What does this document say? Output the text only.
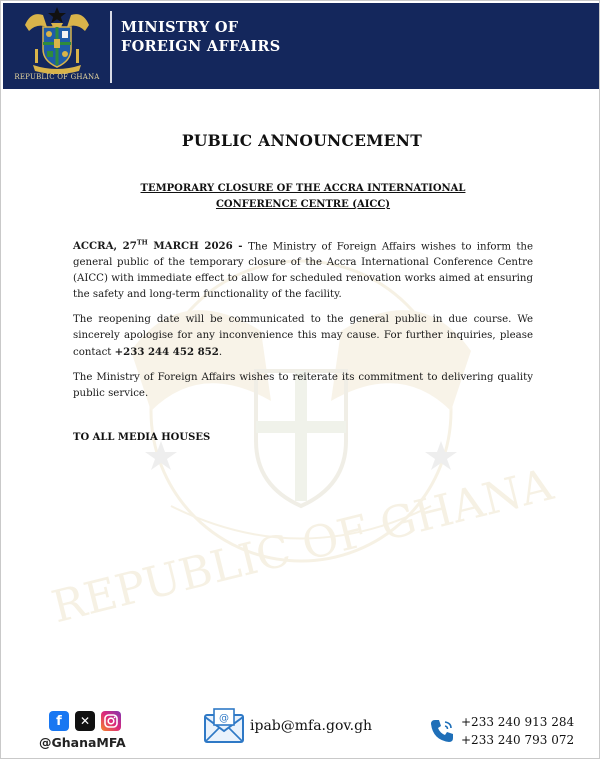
REPUBLIC OF GHANA
MINISTRY OF
FOREIGN AFFAIRS
REPUBLIC OF GHANA
PUBLIC ANNOUNCEMENT
TEMPORARY CLOSURE OF THE ACCRA INTERNATIONAL
CONFERENCE CENTRE (AICC)

ACCRA, 27TH MARCH 2026 - The Ministry of Foreign Affairs wishes to inform the general public of the temporary closure of the Accra International Conference Centre (AICC) with immediate effect to allow for scheduled renovation works aimed at ensuring the safety and long-term functionality of the facility.

The reopening date will be communicated to the general public in due course. We sincerely apologise for any inconvenience this may cause. For further inquiries, please contact +233 244 452 852.

The Ministry of Foreign Affairs wishes to reiterate its commitment to delivering quality public service.

TO ALL MEDIA HOUSES
f	✕
@GhanaMFA
@ ipab@mfa.gov.gh	+233 240 913 284
+233 240 793 072
